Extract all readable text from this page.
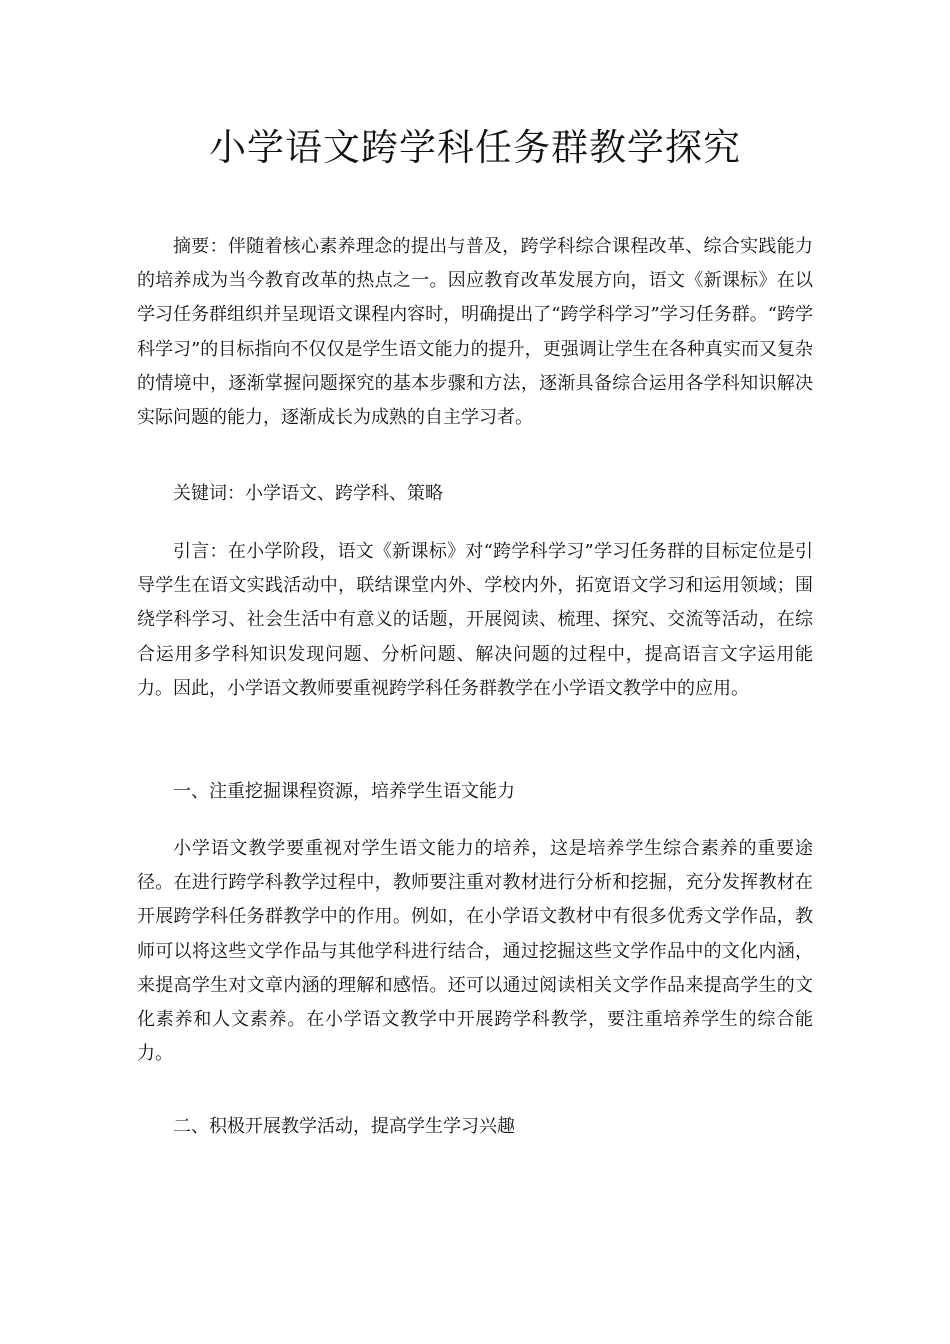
小学语文跨学科任务群教学探究

摘要：伴随着核心素养理念的提出与普及，跨学科综合课程改革、综合实践能力的培养成为当今教育改革的热点之一。因应教育改革发展方向，语文《新课标》在以学习任务群组织并呈现语文课程内容时，明确提出了“跨学科学习”学习任务群。“跨学科学习”的目标指向不仅仅是学生语文能力的提升，更强调让学生在各种真实而又复杂的情境中，逐渐掌握问题探究的基本步骤和方法，逐渐具备综合运用各学科知识解决实际问题的能力，逐渐成长为成熟的自主学习者。

关键词：小学语文、跨学科、策略

引言：在小学阶段，语文《新课标》对“跨学科学习”学习任务群的目标定位是引导学生在语文实践活动中，联结课堂内外、学校内外，拓宽语文学习和运用领域；围绕学科学习、社会生活中有意义的话题，开展阅读、梳理、探究、交流等活动，在综合运用多学科知识发现问题、分析问题、解决问题的过程中，提高语言文字运用能力。因此，小学语文教师要重视跨学科任务群教学在小学语文教学中的应用。

一、注重挖掘课程资源，培养学生语文能力

小学语文教学要重视对学生语文能力的培养，这是培养学生综合素养的重要途径。在进行跨学科教学过程中，教师要注重对教材进行分析和挖掘，充分发挥教材在开展跨学科任务群教学中的作用。例如，在小学语文教材中有很多优秀文学作品，教师可以将这些文学作品与其他学科进行结合，通过挖掘这些文学作品中的文化内涵，来提高学生对文章内涵的理解和感悟。还可以通过阅读相关文学作品来提高学生的文化素养和人文素养。在小学语文教学中开展跨学科教学，要注重培养学生的综合能力。

二、积极开展教学活动，提高学生学习兴趣
